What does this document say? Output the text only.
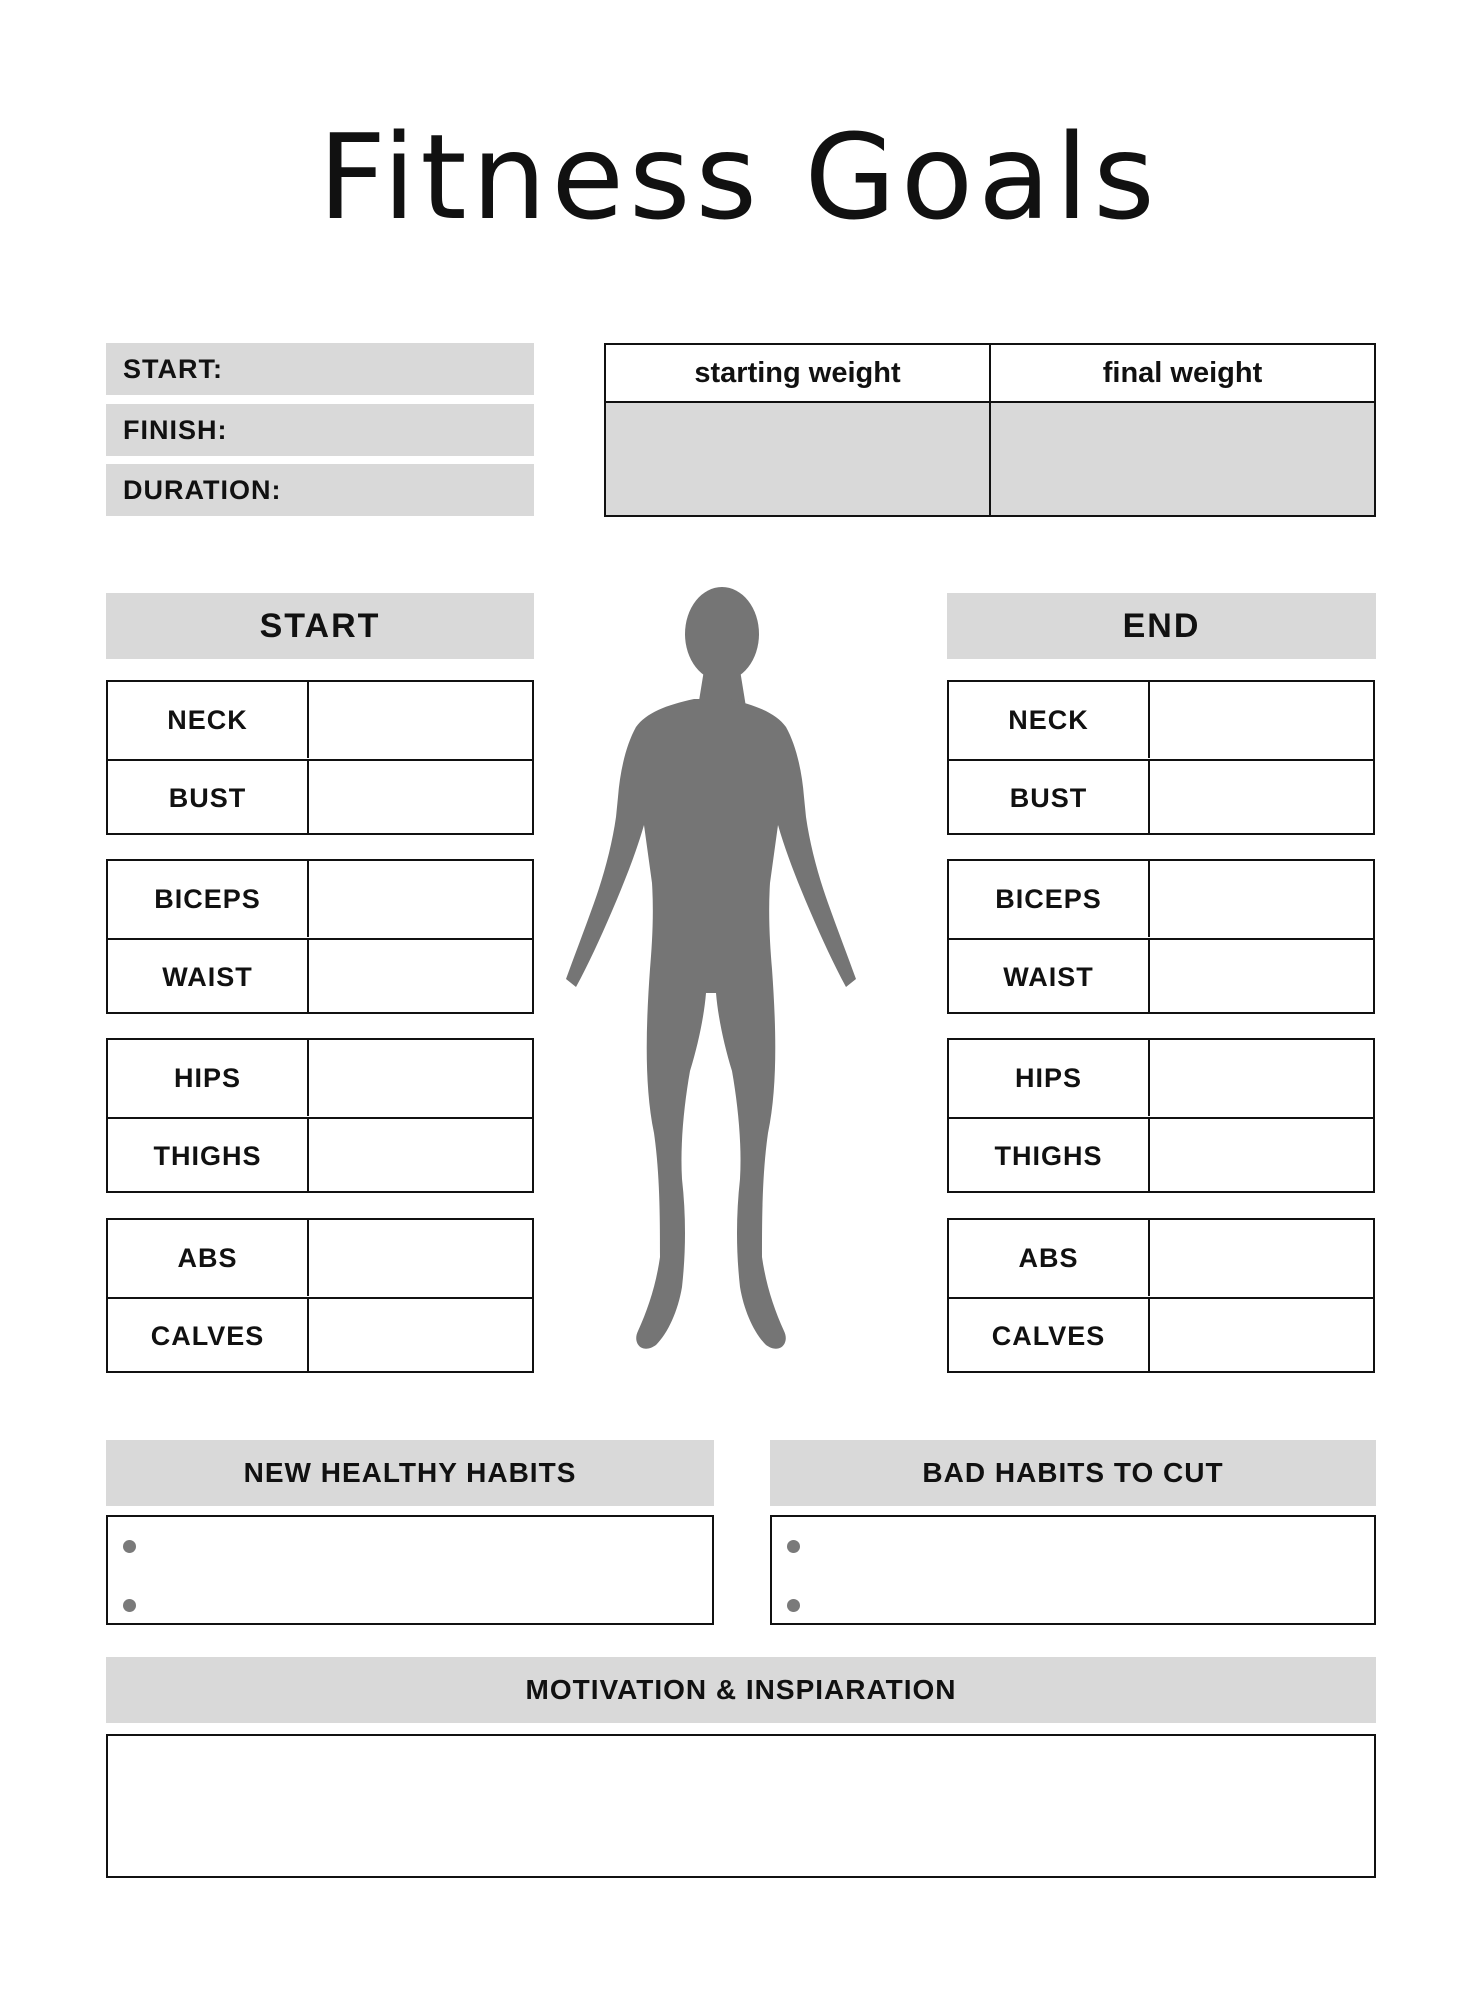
Fitness Goals
START:
FINISH:
DURATION:
starting weight	final weight
START	END
NECK
BUST
BICEPS
WAIST
HIPS
THIGHS
ABS
CALVES
NECK
BUST
BICEPS
WAIST
HIPS
THIGHS
ABS
CALVES
NEW HEALTHY HABITS	BAD HABITS TO CUT
MOTIVATION & INSPIARATION
